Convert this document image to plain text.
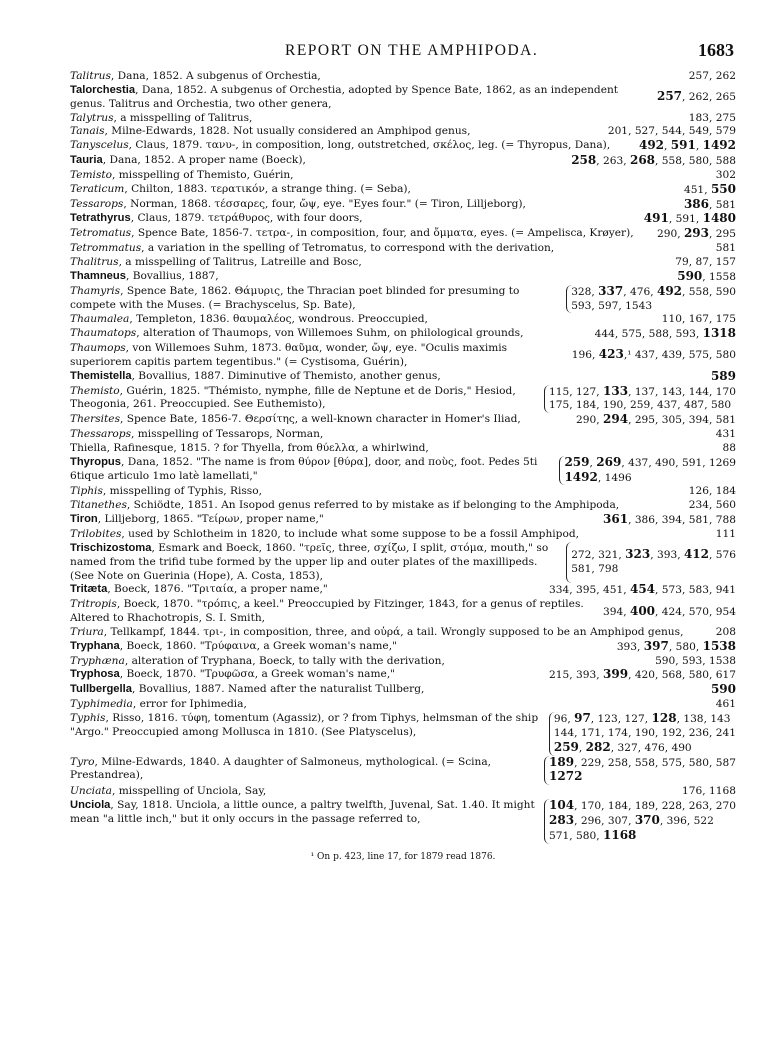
REPORT ON THE AMPHIPODA.	1683
Talitrus, Dana, 1852. A subgenus of Orchestia,	257, 262
Talorchestia, Dana, 1852. A subgenus of Orchestia, adopted by Spence Bate, 1862, as an independent genus. Talitrus and Orchestia, two other genera,
257, 262, 265
Talytrus, a misspelling of Talitrus,	183, 275
Tanais, Milne-Edwards, 1828. Not usually considered an Amphipod genus,	201, 527, 544, 549, 579
Tanyscelus, Claus, 1879. τανυ-, in composition, long, outstretched, σκέλος, leg. (= Thyropus, Dana),	492, 591, 1492
Tauria, Dana, 1852. A proper name (Boeck),	258, 263, 268, 558, 580, 588
Temisto, misspelling of Themisto, Guérin,	302
Teraticum, Chilton, 1883. τερατικόν, a strange thing. (= Seba),	451, 550
Tessarops, Norman, 1868. τέσσαρες, four, ὤψ, eye. "Eyes four." (= Tiron, Lilljeborg),	386, 581
Tetrathyrus, Claus, 1879. τετράθυρος, with four doors,	491, 591, 1480
Tetromatus, Spence Bate, 1856-7. τετρα-, in composition, four, and ὄμματα, eyes. (= Ampelisca, Krøyer),	290, 293, 295
Tetrommatus, a variation in the spelling of Tetromatus, to correspond with the derivation,	581
Thalitrus, a misspelling of Talitrus, Latreille and Bosc,	79, 87, 157
Thamneus, Bovallius, 1887,	590, 1558
Thamyris, Spence Bate, 1862. Θάμυρις, the Thracian poet blinded for presuming to compete with the Muses. (= Brachyscelus, Sp. Bate),
328, 337, 476, 492, 558, 590
593, 597, 1543
Thaumalea, Templeton, 1836. θαυμαλέος, wondrous. Preoccupied,	110, 167, 175
Thaumatops, alteration of Thaumops, von Willemoes Suhm, on philological grounds,	444, 575, 588, 593, 1318
Thaumops, von Willemoes Suhm, 1873. θαῦμα, wonder, ὤψ, eye. "Oculis maximis superiorem capitis partem tegentibus." (= Cystisoma, Guérin),
196, 423,¹ 437, 439, 575, 580
Themistella, Bovallius, 1887. Diminutive of Themisto, another genus,	589
Themisto, Guérin, 1825. "Thémisto, nymphe, fille de Neptune et de Doris," Hesiod, Theogonia, 261. Preoccupied. See Euthemisto),
115, 127, 133, 137, 143, 144, 170
175, 184, 190, 259, 437, 487, 580
Thersites, Spence Bate, 1856-7. Θερσίτης, a well-known character in Homer's Iliad,	290, 294, 295, 305, 394, 581
Thessarops, misspelling of Tessarops, Norman,	431
Thiella, Rafinesque, 1815. ? for Thyella, from θύελλα, a whirlwind,	88
Thyropus, Dana, 1852. "The name is from θύρον [θύρα], door, and ποὺς, foot. Pedes 5ti 6tique articulo 1mo latè lamellati,"
259, 269, 437, 490, 591, 1269
1492, 1496
Tiphis, misspelling of Typhis, Risso,	126, 184
Titanethes, Schiödte, 1851. An Isopod genus referred to by mistake as if belonging to the Amphipoda,	234, 560
Tiron, Lilljeborg, 1865. "Τείρων, proper name,"	361, 386, 394, 581, 788
Trilobites, used by Schlotheim in 1820, to include what some suppose to be a fossil Amphipod,	111
Trischizostoma, Esmark and Boeck, 1860. "τρεῖς, three, σχίζω, I split, στόμα, mouth," so named from the trifid tube formed by the upper lip and outer plates of the maxillipeds. (See Note on Guerinia (Hope), A. Costa, 1853),
272, 321, 323, 393, 412, 576
581, 798
Tritæta, Boeck, 1876. "Τριταία, a proper name,"	334, 395, 451, 454, 573, 583, 941
Tritropis, Boeck, 1870. "τρόπις, a keel." Preoccupied by Fitzinger, 1843, for a genus of reptiles. Altered to Rhachotropis, S. I. Smith,
394, 400, 424, 570, 954
Triura, Tellkampf, 1844. τρι-, in composition, three, and οὐρά, a tail. Wrongly supposed to be an Amphipod genus,	208
Tryphana, Boeck, 1860. "Τρύφαινα, a Greek woman's name,"	393, 397, 580, 1538
Tryphæna, alteration of Tryphana, Boeck, to tally with the derivation,	590, 593, 1538
Tryphosa, Boeck, 1870. "Τρυφῶσα, a Greek woman's name,"	215, 393, 399, 420, 568, 580, 617
Tullbergella, Bovallius, 1887. Named after the naturalist Tullberg,	590
Typhimedia, error for Iphimedia,	461
Typhis, Risso, 1816. τύφη, tomentum (Agassiz), or ? from Tiphys, helmsman of the ship "Argo." Preoccupied among Mollusca in 1810. (See Platyscelus),
96, 97, 123, 127, 128, 138, 143
144, 171, 174, 190, 192, 236, 241
259, 282, 327, 476, 490
Tyro, Milne-Edwards, 1840. A daughter of Salmoneus, mythological. (= Scina, Prestandrea),
189, 229, 258, 558, 575, 580, 587
1272
Unciata, misspelling of Unciola, Say,	176, 1168
Unciola, Say, 1818. Unciola, a little ounce, a paltry twelfth, Juvenal, Sat. 1.40. It might mean "a little inch," but it only occurs in the passage referred to,
104, 170, 184, 189, 228, 263, 270
283, 296, 307, 370, 396, 522
571, 580, 1168
¹ On p. 423, line 17, for 1879 read 1876.
